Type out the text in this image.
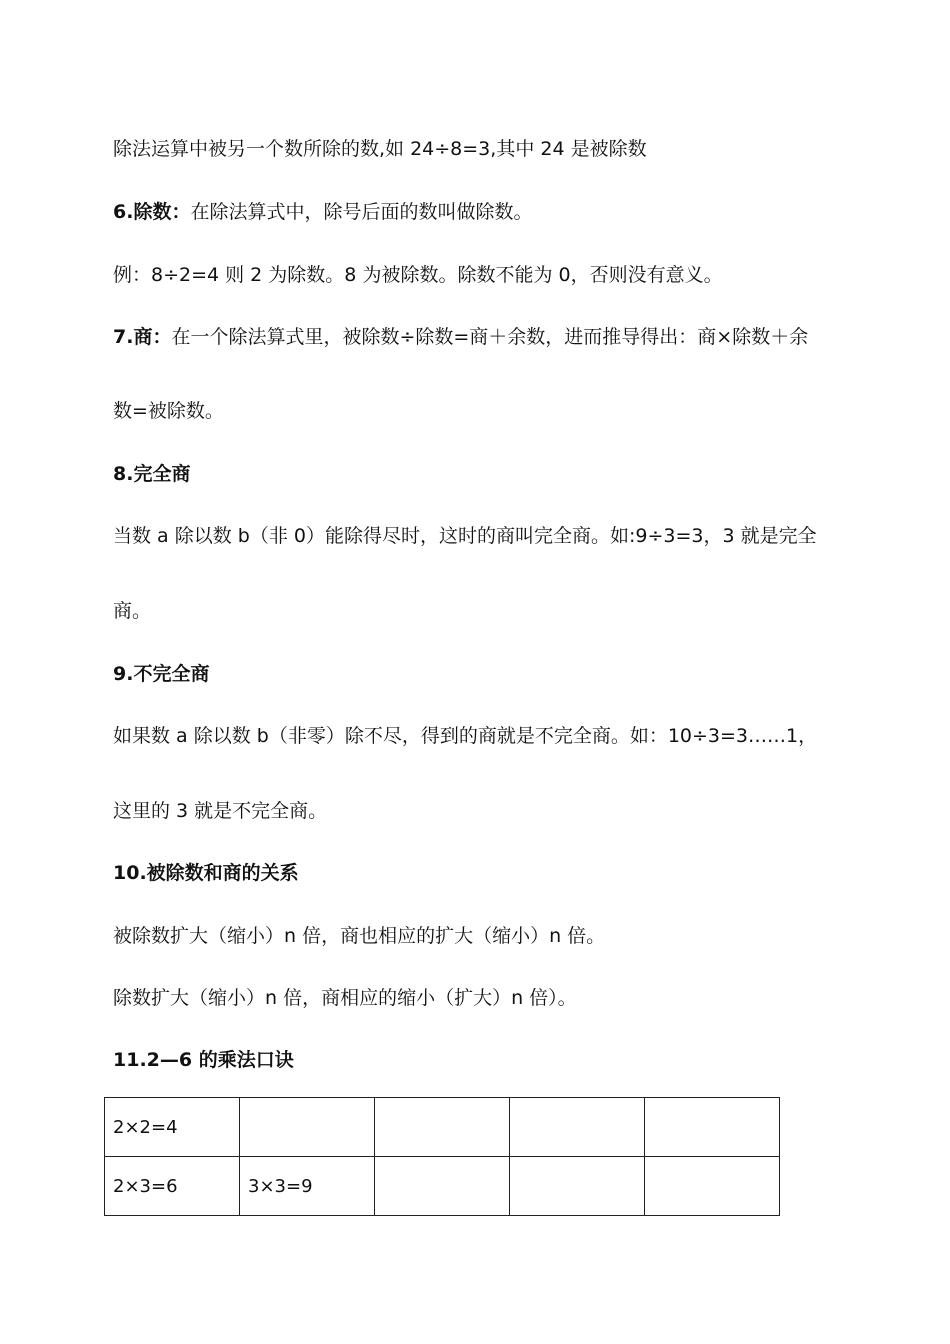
除法运算中被另一个数所除的数,如 24÷8=3,其中 24 是被除数
6.除数：在除法算式中，除号后面的数叫做除数。
例：8÷2=4 则 2 为除数。8 为被除数。除数不能为 0，否则没有意义。
7.商：在一个除法算式里，被除数÷除数=商＋余数，进而推导得出：商×除数＋余
数=被除数。
8.完全商
当数 a 除以数 b（非 0）能除得尽时，这时的商叫完全商。如:9÷3=3，3 就是完全
商。
9.不完全商
如果数 a 除以数 b（非零）除不尽，得到的商就是不完全商。如：10÷3=3……1，
这里的 3 就是不完全商。
10.被除数和商的关系
被除数扩大（缩小）n 倍，商也相应的扩大（缩小）n 倍。
除数扩大（缩小）n 倍，商相应的缩小（扩大）n 倍）。
11.2—6 的乘法口诀
2×2=4				
2×3=6	3×3=9			
